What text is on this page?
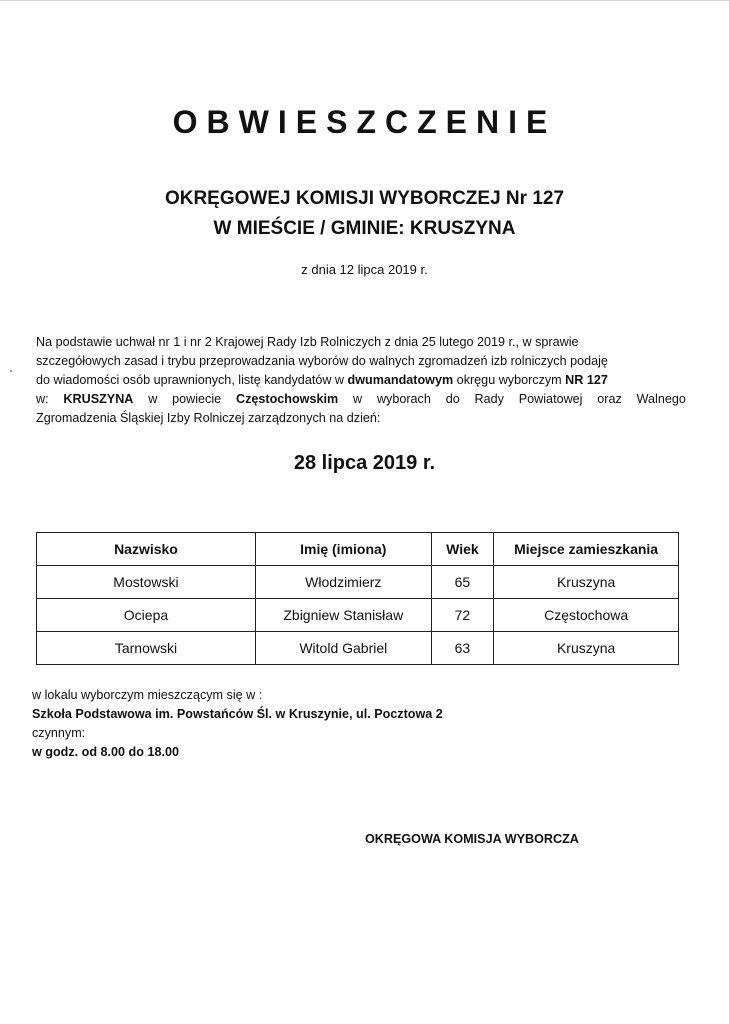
OBWIESZCZENIE
OKRĘGOWEJ KOMISJI WYBORCZEJ Nr 127
W MIEŚCIE / GMINIE: KRUSZYNA
z dnia 12 lipca 2019 r.
Na podstawie uchwał nr 1 i nr 2 Krajowej Rady Izb Rolniczych z dnia 25 lutego 2019 r., w sprawie
szczegółowych zasad i trybu przeprowadzania wyborów do walnych zgromadzeń izb rolniczych podaję
do wiadomości osób uprawnionych, listę kandydatów w dwumandatowym okręgu wyborczym NR 127
w: KRUSZYNA w powiecie Częstochowskim w wyborach do Rady Powiatowej oraz Walnego
Zgromadzenia Śląskiej Izby Rolniczej zarządzonych na dzień:
28 lipca 2019 r.
Nazwisko	Imię (imiona)	Wiek	Miejsce zamieszkania
Mostowski	Włodzimierz	65	Kruszyna
Ociepa	Zbigniew Stanisław	72	Częstochowa
Tarnowski	Witold Gabriel	63	Kruszyna
w lokalu wyborczym mieszczącym się w :
Szkoła Podstawowa im. Powstańców Śl. w Kruszynie, ul. Pocztowa 2
czynnym:
w godz. od 8.00 do 18.00
OKRĘGOWA KOMISJA WYBORCZA
